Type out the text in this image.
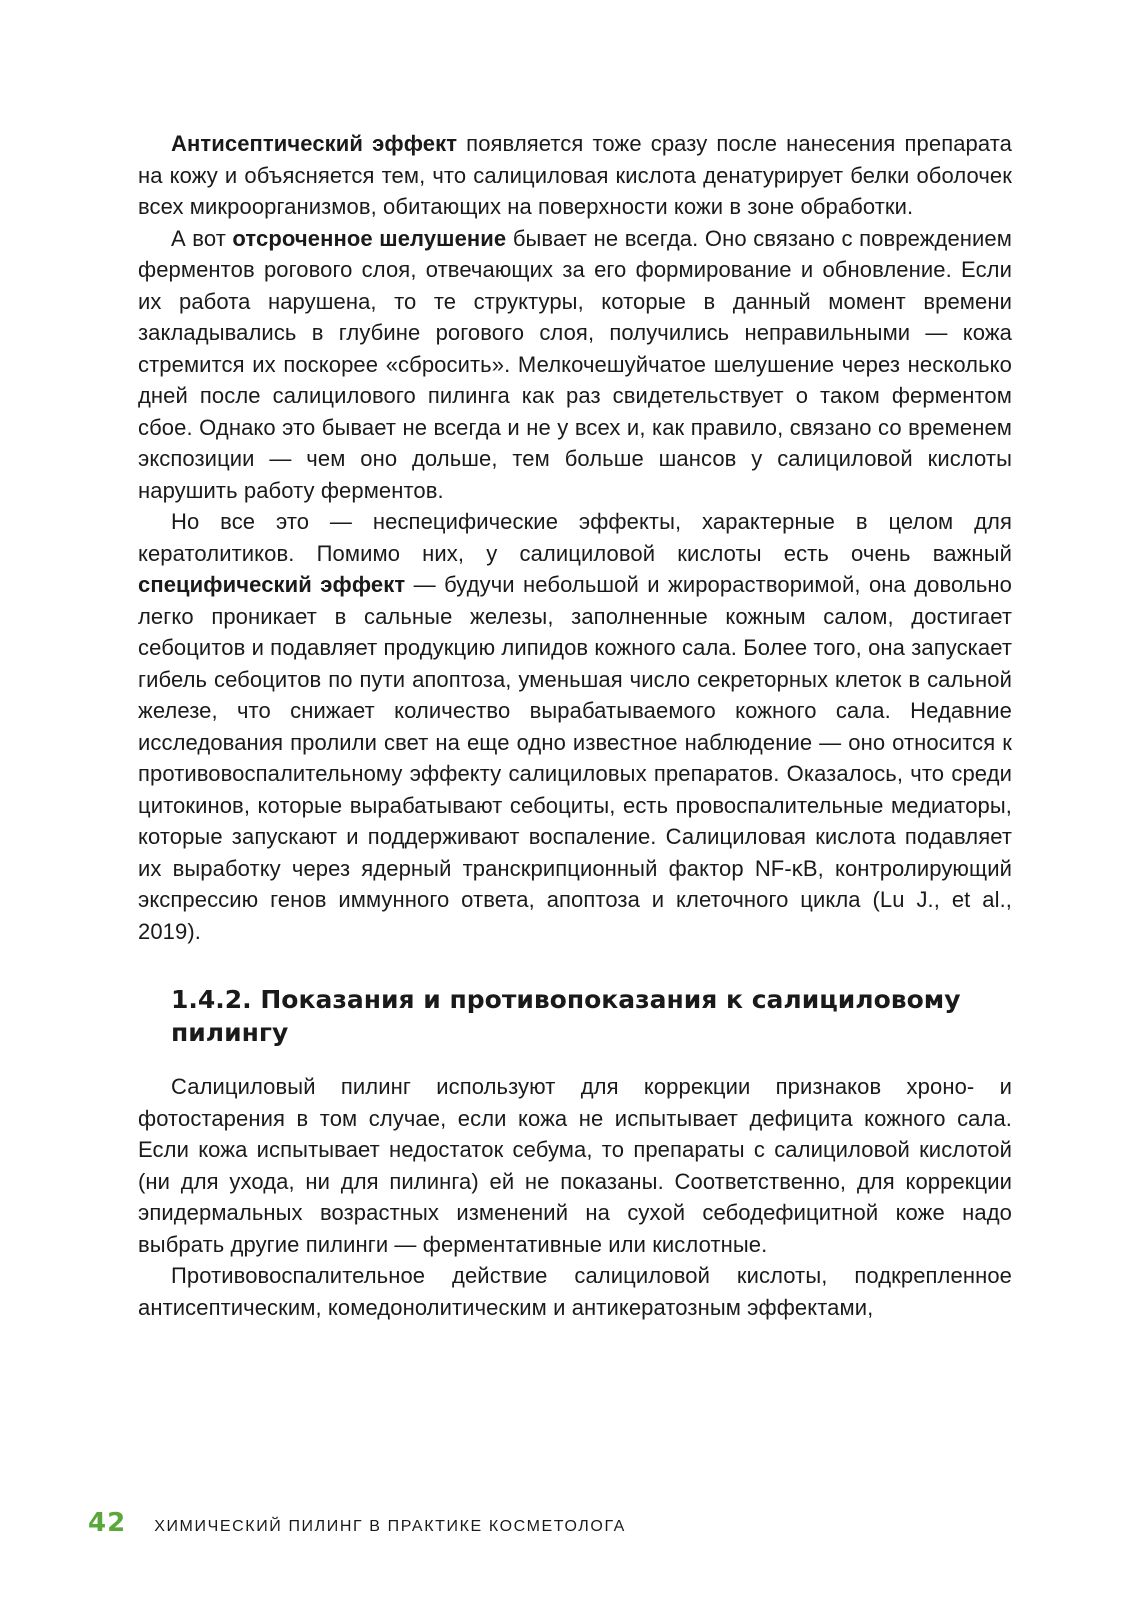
Антисептический эффект появляется тоже сразу после нанесения препарата на кожу и объясняется тем, что салициловая кислота денатурирует белки оболочек всех микроорганизмов, обитающих на поверхности кожи в зоне обработки.

А вот отсроченное шелушение бывает не всегда. Оно связано с повреждением ферментов рогового слоя, отвечающих за его формирование и обновление. Если их работа нарушена, то те структуры, которые в данный момент времени закладывались в глубине рогового слоя, получились неправильными — кожа стремится их поскорее «сбросить». Мелкочешуйчатое шелушение через несколько дней после салицилового пилинга как раз свидетельствует о таком ферментом сбое. Однако это бывает не всегда и не у всех и, как правило, связано со временем экспозиции — чем оно дольше, тем больше шансов у салициловой кислоты нарушить работу ферментов.

Но все это — неспецифические эффекты, характерные в целом для кератолитиков. Помимо них, у салициловой кислоты есть очень важный специфический эффект — будучи небольшой и жирорастворимой, она довольно легко проникает в сальные железы, заполненные кожным салом, достигает себоцитов и подавляет продукцию липидов кожного сала. Более того, она запускает гибель себоцитов по пути апоптоза, уменьшая число секреторных клеток в сальной железе, что снижает количество вырабатываемого кожного сала. Недавние исследования пролили свет на еще одно известное наблюдение — оно относится к противовоспалительному эффекту салициловых препаратов. Оказалось, что среди цитокинов, которые вырабатывают себоциты, есть провоспалительные медиаторы, которые запускают и поддерживают воспаление. Салициловая кислота подавляет их выработку через ядерный транскрипционный фактор NF-κB, контролирующий экспрессию генов иммунного ответа, апоптоза и клеточного цикла (Lu J., et al., 2019).

1.4.2. Показания и противопоказания к салициловому пилингу

Салициловый пилинг используют для коррекции признаков хроно- и фотостарения в том случае, если кожа не испытывает дефицита кожного сала. Если кожа испытывает недостаток себума, то препараты с салициловой кислотой (ни для ухода, ни для пилинга) ей не показаны. Соответственно, для коррекции эпидермальных возрастных изменений на сухой себодефицитной коже надо выбрать другие пилинги — ферментативные или кислотные.

Противовоспалительное действие салициловой кислоты, подкрепленное антисептическим, комедонолитическим и антикератозным эффектами,

42 ХИМИЧЕСКИЙ ПИЛИНГ В ПРАКТИКЕ КОСМЕТОЛОГА
